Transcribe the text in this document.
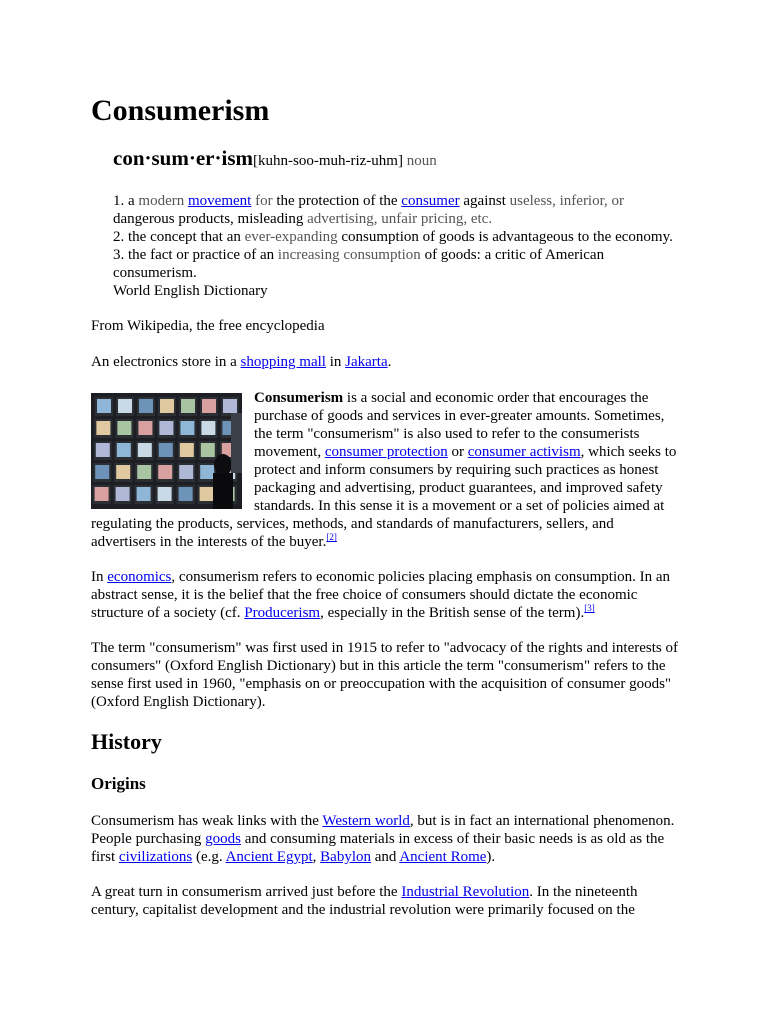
Consumerism
con·sum·er·ism[kuhn-soo-muh-riz-uhm] noun

1. a modern movement for the protection of the consumer against useless, inferior, or dangerous products, misleading advertising, unfair pricing, etc.

2. the concept that an ever-expanding consumption of goods is advantageous to the economy.

3. the fact or practice of an increasing consumption of goods: a critic of American consumerism.

World English Dictionary

From Wikipedia, the free encyclopedia

An electronics store in a shopping mall in Jakarta.

Consumerism is a social and economic order that encourages the purchase of goods and services in ever-greater amounts. Sometimes, the term "consumerism" is also used to refer to the consumerists movement, consumer protection or consumer activism, which seeks to protect and inform consumers by requiring such practices as honest packaging and advertising, product guarantees, and improved safety standards. In this sense it is a movement or a set of policies aimed at regulating the products, services, methods, and standards of manufacturers, sellers, and advertisers in the interests of the buyer.[2]

In economics, consumerism refers to economic policies placing emphasis on consumption. In an abstract sense, it is the belief that the free choice of consumers should dictate the economic structure of a society (cf. Producerism, especially in the British sense of the term).[3]

The term "consumerism" was first used in 1915 to refer to "advocacy of the rights and interests of consumers" (Oxford English Dictionary) but in this article the term "consumerism" refers to the sense first used in 1960, "emphasis on or preoccupation with the acquisition of consumer goods" (Oxford English Dictionary).

History
Origins

Consumerism has weak links with the Western world, but is in fact an international phenomenon. People purchasing goods and consuming materials in excess of their basic needs is as old as the first civilizations (e.g. Ancient Egypt, Babylon and Ancient Rome).

A great turn in consumerism arrived just before the Industrial Revolution. In the nineteenth century, capitalist development and the industrial revolution were primarily focused on the
